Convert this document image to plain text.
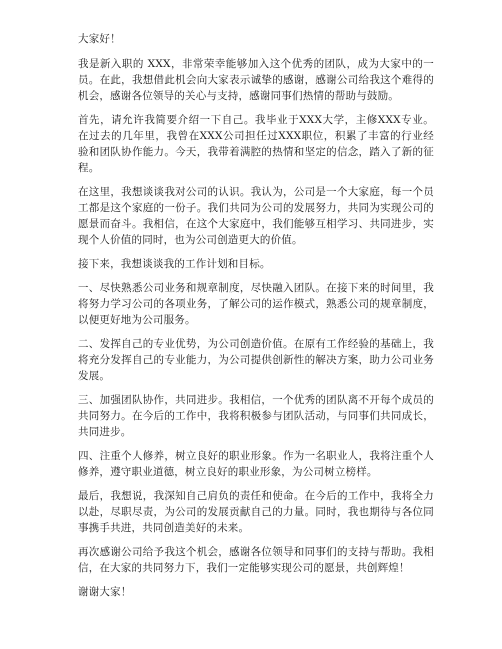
大家好！

我是新入职的 XXX，非常荣幸能够加入这个优秀的团队，成为大家中的一员。在此，我想借此机会向大家表示诚挚的感谢，感谢公司给我这个难得的机会，感谢各位领导的关心与支持，感谢同事们热情的帮助与鼓励。

首先，请允许我简要介绍一下自己。我毕业于XXX大学，主修XXX专业。在过去的几年里，我曾在XXX公司担任过XXX职位，积累了丰富的行业经验和团队协作能力。今天，我带着满腔的热情和坚定的信念，踏入了新的征程。

在这里，我想谈谈我对公司的认识。我认为，公司是一个大家庭，每一个员工都是这个家庭的一份子。我们共同为公司的发展努力，共同为实现公司的愿景而奋斗。我相信，在这个大家庭中，我们能够互相学习、共同进步，实现个人价值的同时，也为公司创造更大的价值。

接下来，我想谈谈我的工作计划和目标。

一、尽快熟悉公司业务和规章制度，尽快融入团队。在接下来的时间里，我将努力学习公司的各项业务，了解公司的运作模式，熟悉公司的规章制度，以便更好地为公司服务。

二、发挥自己的专业优势，为公司创造价值。在原有工作经验的基础上，我将充分发挥自己的专业能力，为公司提供创新性的解决方案，助力公司业务发展。

三、加强团队协作，共同进步。我相信，一个优秀的团队离不开每个成员的共同努力。在今后的工作中，我将积极参与团队活动，与同事们共同成长，共同进步。

四、注重个人修养，树立良好的职业形象。作为一名职业人，我将注重个人修养，遵守职业道德，树立良好的职业形象，为公司树立榜样。

最后，我想说，我深知自己肩负的责任和使命。在今后的工作中，我将全力以赴，尽职尽责，为公司的发展贡献自己的力量。同时，我也期待与各位同事携手共进，共同创造美好的未来。

再次感谢公司给予我这个机会，感谢各位领导和同事们的支持与帮助。我相信，在大家的共同努力下，我们一定能够实现公司的愿景，共创辉煌！

谢谢大家！
